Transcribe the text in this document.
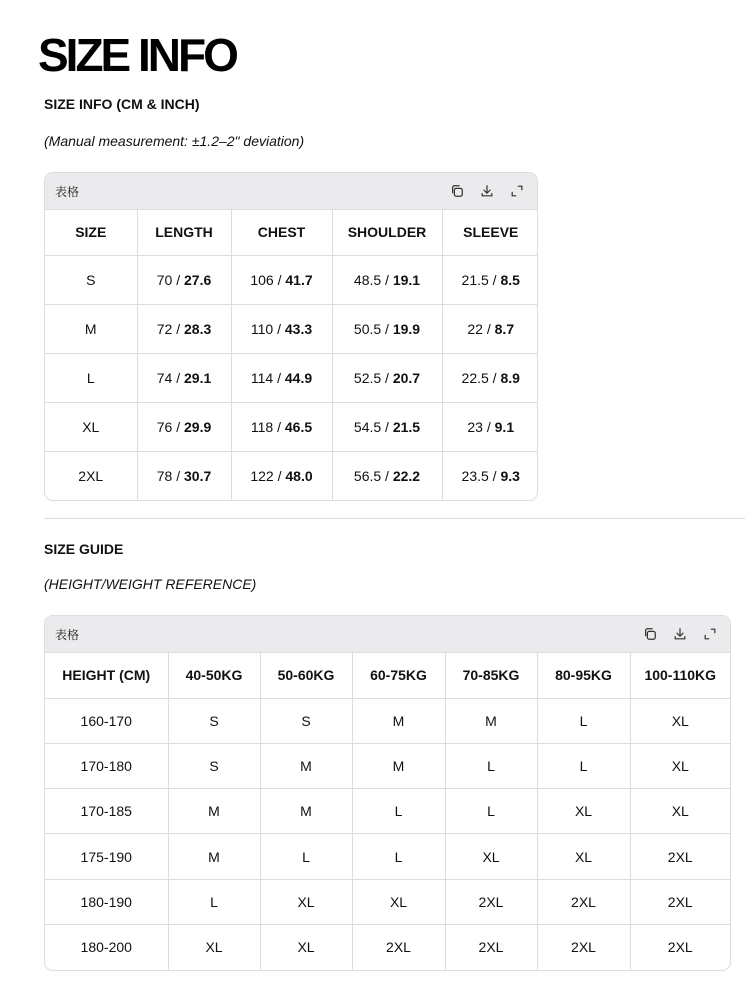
SIZE INFO
SIZE INFO (CM & INCH)
(Manual measurement: ±1.2–2" deviation)
表格
SIZE	LENGTH	CHEST	SHOULDER	SLEEVE
S	70 / 27.6	106 / 41.7	48.5 / 19.1	21.5 / 8.5
M	72 / 28.3	110 / 43.3	50.5 / 19.9	22 / 8.7
L	74 / 29.1	114 / 44.9	52.5 / 20.7	22.5 / 8.9
XL	76 / 29.9	118 / 46.5	54.5 / 21.5	23 / 9.1
2XL	78 / 30.7	122 / 48.0	56.5 / 22.2	23.5 / 9.3
SIZE GUIDE
(HEIGHT/WEIGHT REFERENCE)
表格
HEIGHT (CM)	40-50KG	50-60KG	60-75KG	70-85KG	80-95KG	100-110KG
160-170	S	S	M	M	L	XL
170-180	S	M	M	L	L	XL
170-185	M	M	L	L	XL	XL
175-190	M	L	L	XL	XL	2XL
180-190	L	XL	XL	2XL	2XL	2XL
180-200	XL	XL	2XL	2XL	2XL	2XL
